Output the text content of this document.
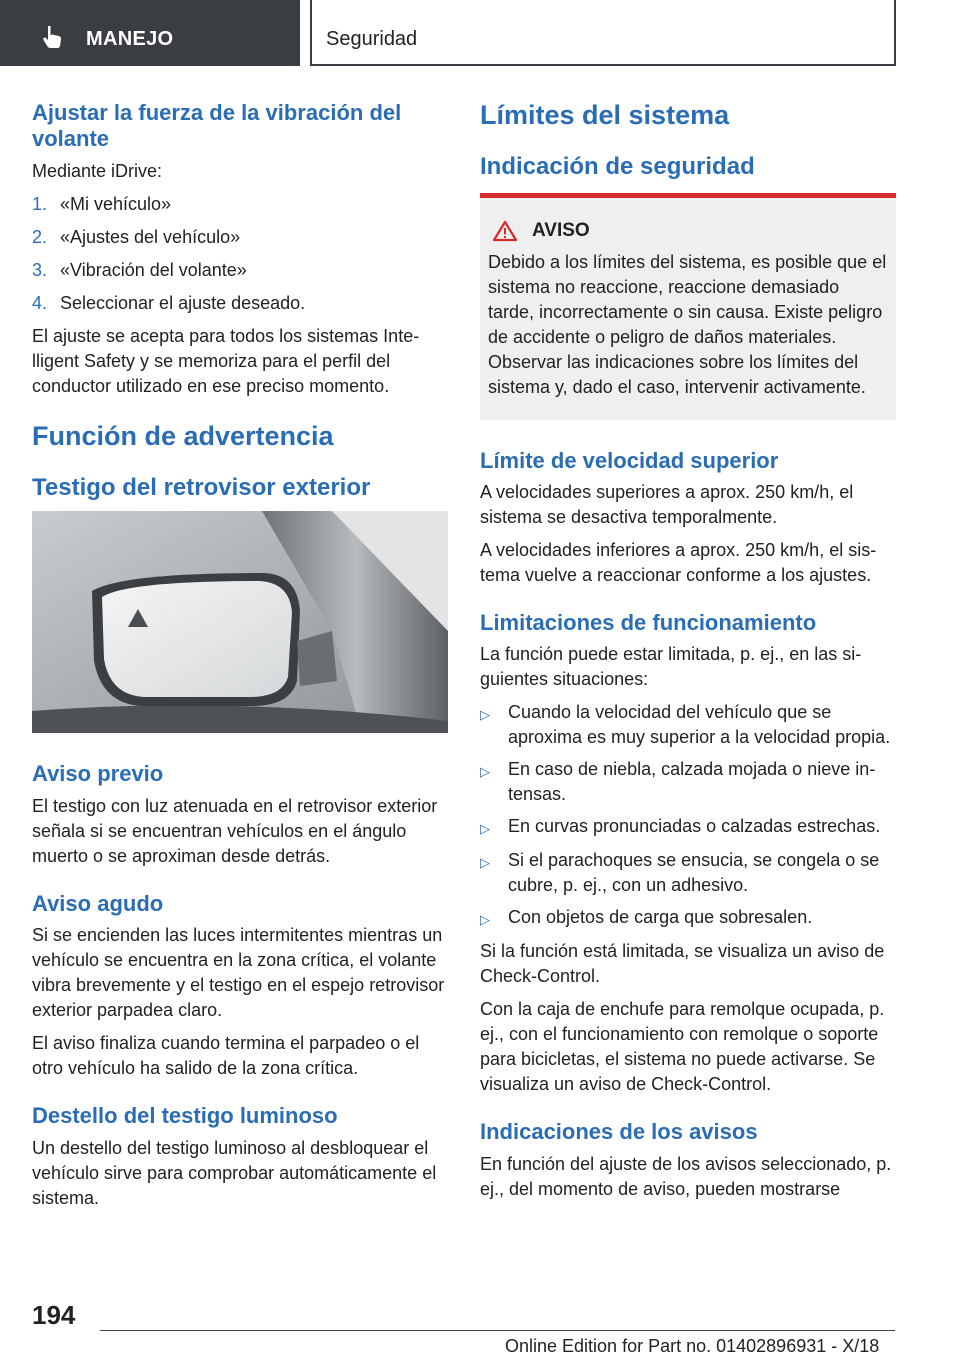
MANEJO	Seguridad
Ajustar la fuerza de la vibración del volante

Mediante iDrive:

1. «Mi vehículo»
2. «Ajustes del vehículo»
3. «Vibración del volante»
4. Seleccionar el ajuste deseado.

El ajuste se acepta para todos los sistemas Intelligent Safety y se memoriza para el perfil del conductor utilizado en ese preciso momento.

Función de advertencia
Testigo del retrovisor exterior
Aviso previo

El testigo con luz atenuada en el retrovisor exterior señala si se encuentran vehículos en el ángulo muerto o se aproximan desde detrás.

Aviso agudo

Si se encienden las luces intermitentes mientras un vehículo se encuentra en la zona crítica, el volante vibra brevemente y el testigo en el espejo retrovisor exterior parpadea claro.

El aviso finaliza cuando termina el parpadeo o el otro vehículo ha salido de la zona crítica.

Destello del testigo luminoso

Un destello del testigo luminoso al desbloquear el vehículo sirve para comprobar automáticamente el sistema.

Límites del sistema
Indicación de seguridad
AVISO

Debido a los límites del sistema, es posible que el sistema no reaccione, reaccione demasiado tarde, incorrectamente o sin causa. Existe peligro de accidente o peligro de daños materiales. Observar las indicaciones sobre los límites del sistema y, dado el caso, intervenir activamente.

Límite de velocidad superior

A velocidades superiores a aprox. 250 km/h, el sistema se desactiva temporalmente.

A velocidades inferiores a aprox. 250 km/h, el sistema vuelve a reaccionar conforme a los ajustes.

Limitaciones de funcionamiento

La función puede estar limitada, p. ej., en las siguientes situaciones:

▷	Cuando la velocidad del vehículo que se aproxima es muy superior a la velocidad propia.
▷	En caso de niebla, calzada mojada o nieve intensas.
▷	En curvas pronunciadas o calzadas estrechas.
▷	Si el parachoques se ensucia, se congela o se cubre, p. ej., con un adhesivo.
▷	Con objetos de carga que sobresalen.

Si la función está limitada, se visualiza un aviso de Check-Control.

Con la caja de enchufe para remolque ocupada, p. ej., con el funcionamiento con remolque o soporte para bicicletas, el sistema no puede activarse. Se visualiza un aviso de Check-Control.

Indicaciones de los avisos

En función del ajuste de los avisos seleccionado, p. ej., del momento de aviso, pueden mostrarse

194
Online Edition for Part no. 01402896931 - X/18
